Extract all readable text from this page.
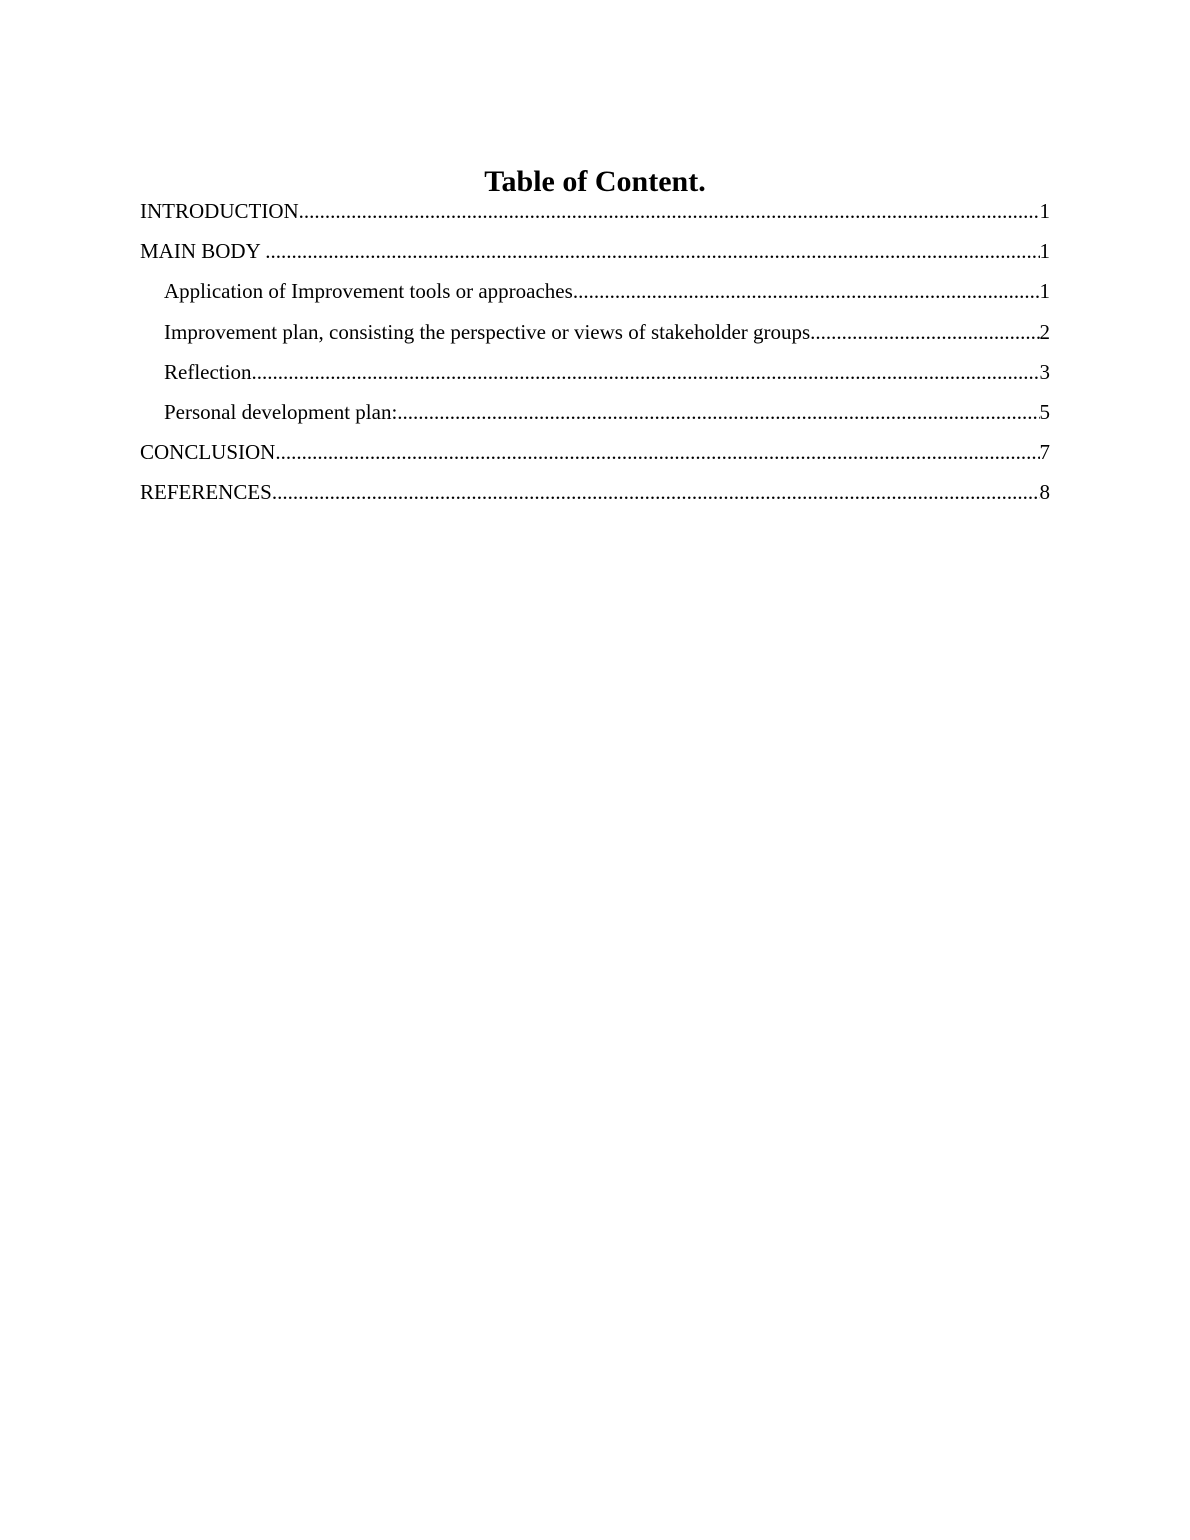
Table of Content.
INTRODUCTION .....	1
MAIN BODY .....	1
Application of Improvement tools or approaches .....	1
Improvement plan, consisting the perspective or views of stakeholder groups .....	2
Reflection .....	3
Personal development plan: .....	5
CONCLUSION .....	7
REFERENCES .....	8
